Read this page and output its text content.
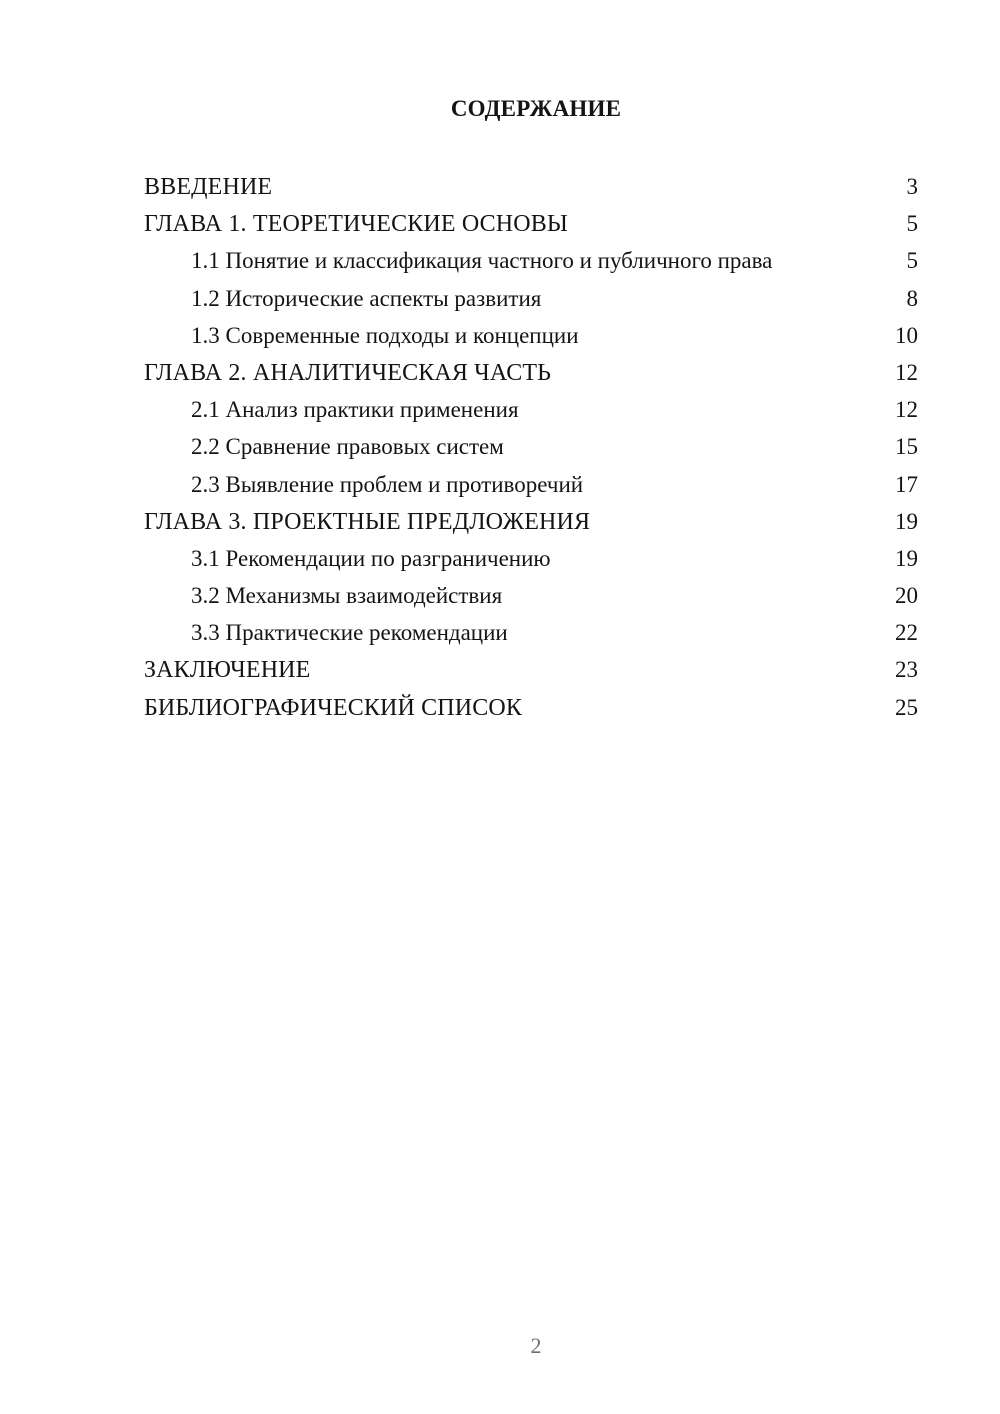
СОДЕРЖАНИЕ
ВВЕДЕНИЕ	3
ГЛАВА 1. ТЕОРЕТИЧЕСКИЕ ОСНОВЫ	5
1.1 Понятие и классификация частного и публичного права	5
1.2 Исторические аспекты развития	8
1.3 Современные подходы и концепции	10
ГЛАВА 2. АНАЛИТИЧЕСКАЯ ЧАСТЬ	12
2.1 Анализ практики применения	12
2.2 Сравнение правовых систем	15
2.3 Выявление проблем и противоречий	17
ГЛАВА 3. ПРОЕКТНЫЕ ПРЕДЛОЖЕНИЯ	19
3.1 Рекомендации по разграничению	19
3.2 Механизмы взаимодействия	20
3.3 Практические рекомендации	22
ЗАКЛЮЧЕНИЕ	23
БИБЛИОГРАФИЧЕСКИЙ СПИСОК	25
2
